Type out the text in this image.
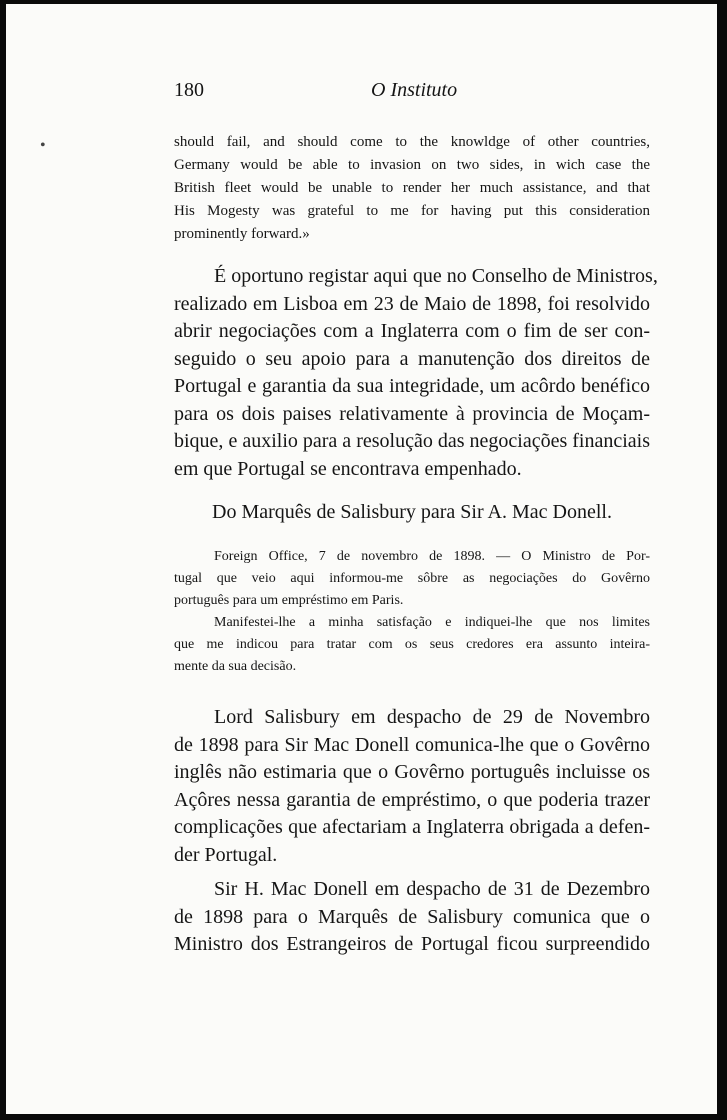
•
180	O Instituto
should fail, and should come to the knowldge of other countries,
Germany would be able to invasion on two sides, in wich case the
British fleet would be unable to render her much assistance, and that
His Mogesty was grateful to me for having put this consideration
prominently forward.»
É oportuno registar aqui que no Conselho de Ministros,
realizado em Lisboa em 23 de Maio de 1898, foi resolvido
abrir negociações com a Inglaterra com o fim de ser con-
seguido o seu apoio para a manutenção dos direitos de
Portugal e garantia da sua integridade, um acôrdo benéfico
para os dois paises relativamente à provincia de Moçam-
bique, e auxilio para a resolução das negociações financiais
em que Portugal se encontrava empenhado.
Do Marquês de Salisbury para Sir A. Mac Donell.
Foreign Office, 7 de novembro de 1898. — O Ministro de Por-
tugal que veio aqui informou-me sôbre as negociações do Govêrno
português para um empréstimo em Paris.
Manifestei-lhe a minha satisfação e indiquei-lhe que nos limites
que me indicou para tratar com os seus credores era assunto inteira-
mente da sua decisão.
Lord Salisbury em despacho de 29 de Novembro
de 1898 para Sir Mac Donell comunica-lhe que o Govêrno
inglês não estimaria que o Govêrno português incluisse os
Açôres nessa garantia de empréstimo, o que poderia trazer
complicações que afectariam a Inglaterra obrigada a defen-
der Portugal.
Sir H. Mac Donell em despacho de 31 de Dezembro
de 1898 para o Marquês de Salisbury comunica que o
Ministro dos Estrangeiros de Portugal ficou surpreendido
